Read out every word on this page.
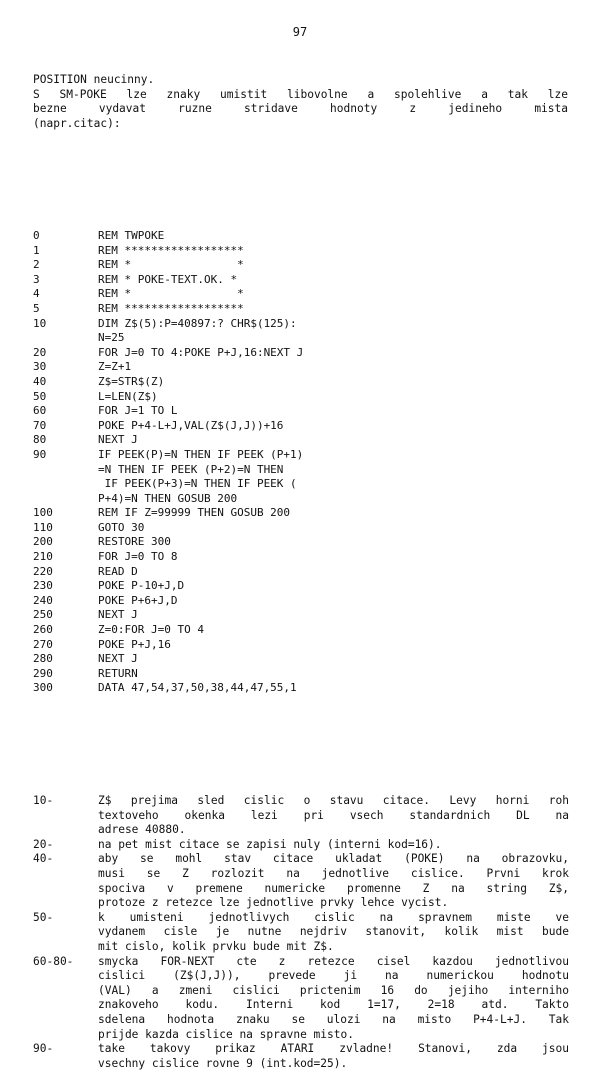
97
POSITION neucinny.
S SM-POKE lze znaky umistit libovolne a spolehlive a tak lze
bezne vydavat ruzne stridave hodnoty z jedineho mista
(napr.citac):
0	REM TWPOKE
1	REM ******************
2	REM *                *
3	REM * POKE-TEXT.OK. *
4	REM *                *
5	REM ******************
10	DIM Z$(5):P=40897:? CHR$(125):
N=25
20	FOR J=0 TO 4:POKE P+J,16:NEXT J
30	Z=Z+1
40	Z$=STR$(Z)
50	L=LEN(Z$)
60	FOR J=1 TO L
70	POKE P+4-L+J,VAL(Z$(J,J))+16
80	NEXT J
90	IF PEEK(P)=N THEN IF PEEK (P+1)
=N THEN IF PEEK (P+2)=N THEN
IF PEEK(P+3)=N THEN IF PEEK (
P+4)=N THEN GOSUB 200
100	REM IF Z=99999 THEN GOSUB 200
110	GOTO 30
200	RESTORE 300
210	FOR J=0 TO 8
220	READ D
230	POKE P-10+J,D
240	POKE P+6+J,D
250	NEXT J
260	Z=0:FOR J=0 TO 4
270	POKE P+J,16
280	NEXT J
290	RETURN
300	DATA 47,54,37,50,38,44,47,55,1
10-	Z$ prejima sled cislic o stavu citace. Levy horni roh
textoveho okenka lezi pri vsech standardnich DL na
adrese 40880.
20-	na pet mist citace se zapisi nuly (interni kod=16).
40-	aby se mohl stav citace ukladat (POKE) na obrazovku,
musi se Z rozlozit na jednotlive cislice. Prvni krok
spociva v premene numericke promenne Z na string Z$,
protoze z retezce lze jednotlive prvky lehce vycist.
50-	k umisteni jednotlivych cislic na spravnem miste ve
vydanem cisle je nutne nejdriv stanovit, kolik mist bude
mit cislo, kolik prvku bude mit Z$.
60-80-	smycka FOR-NEXT cte z retezce cisel kazdou jednotlivou
cislici (Z$(J,J)), prevede ji na numerickou hodnotu
(VAL) a zmeni cislici prictenim 16 do jejiho interniho
znakoveho kodu. Interni kod 1=17, 2=18 atd. Takto
sdelena hodnota znaku se ulozi na misto P+4-L+J. Tak
prijde kazda cislice na spravne misto.
90-	take takovy prikaz ATARI zvladne! Stanovi, zda jsou
vsechny cislice rovne 9 (int.kod=25).
